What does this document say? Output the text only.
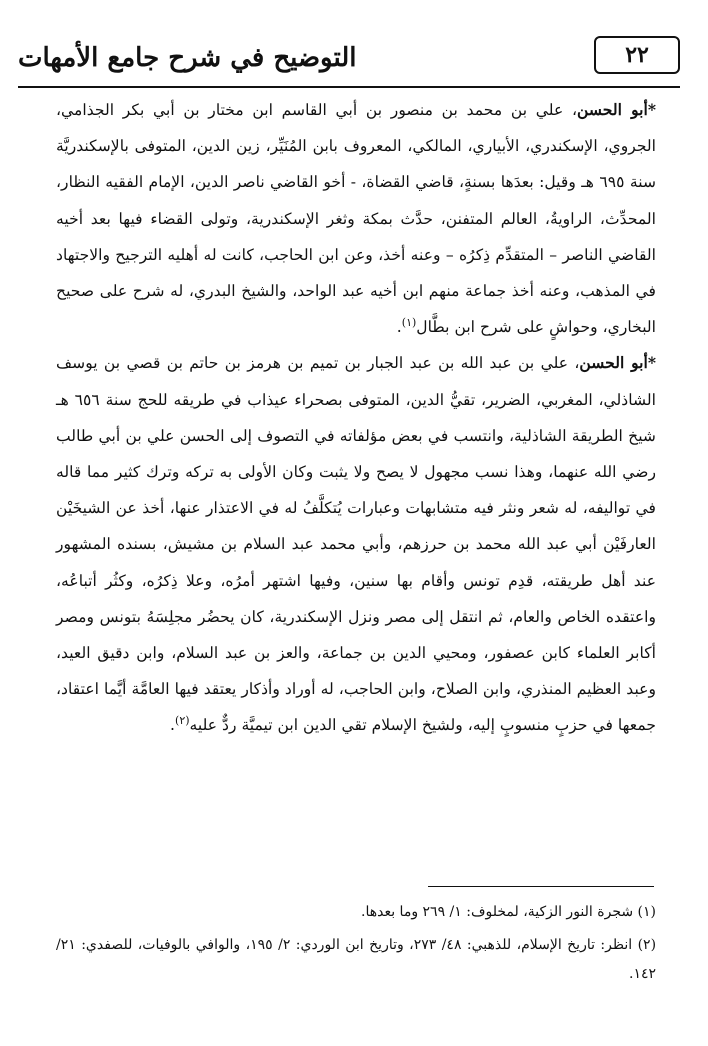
٢٢
التوضيح في شرح جامع الأمهات

*أبو الحسن، علي بن محمد بن منصور بن أبي القاسم ابن مختار بن أبي بكر الجذامي، الجروي، الإسكندري، الأبياري، المالكي، المعروف بابن المُنَيِّر، زين الدين، المتوفى بالإسكندريَّة سنة ٦٩٥ هـ وقيل: بعدَها بسنةٍ، قاضي القضاة، - أخو القاضي ناصر الدين، الإمام الفقيه النظار، المحدِّث، الراويةُ، العالم المتفنن، حدَّث بمكة وثغر الإسكندرية، وتولى القضاء فيها بعد أخيه القاضي الناصر – المتقدِّم ذِكرُه – وعنه أخذ، وعن ابن الحاجب، كانت له أهليه الترجيح والاجتهاد في المذهب، وعنه أخذ جماعة منهم ابن أخيه عبد الواحد، والشيخ البدري، له شرح على صحيح البخاري، وحواشٍ على شرح ابن بطَّال$^{(١)}$.

*أبو الحسن، علي بن عبد الله بن عبد الجبار بن تميم بن هرمز بن حاتم بن قصي بن يوسف الشاذلي، المغربي، الضرير، تقيُّ الدين، المتوفى بصحراء عيذاب في طريقه للحج سنة ٦٥٦ هـ شيخ الطريقة الشاذلية، وانتسب في بعض مؤلفاته في التصوف إلى الحسن علي بن أبي طالب رضي الله عنهما، وهذا نسب مجهول لا يصح ولا يثبت وكان الأولى به تركه وترك كثير مما قاله في تواليفه، له شعر ونثر فيه متشابهات وعبارات يُتكلَّفُ له في الاعتذار عنها، أخذ عن الشيخَيْن العارفَيْن أبي عبد الله محمد بن حرزهم، وأبي محمد عبد السلام بن مشيش، بسنده المشهور عند أهل طريقته، قدِم تونس وأقام بها سنين، وفيها اشتهر أمرُه، وعلا ذِكرُه، وكثُر أتباعُه، واعتقده الخاص والعام، ثم انتقل إلى مصر ونزل الإسكندرية، كان يحضُر مجلِسَهُ بتونس ومصر أكابر العلماء كابن عصفور، ومحيي الدين بن جماعة، والعز بن عبد السلام، وابن دقيق العيد، وعبد العظيم المنذري، وابن الصلاح، وابن الحاجب، له أوراد وأذكار يعتقد فيها العامَّة أيَّما اعتقاد، جمعها في حزبٍ منسوبٍ إليه، ولشيخ الإسلام تقي الدين ابن تيميَّة ردٌّ عليه$^{(٢)}$.

(١) شجرة النور الزكية، لمخلوف: ١/ ٢٦٩ وما بعدها.

(٢) انظر: تاريخ الإسلام، للذهبي: ٤٨/ ٢٧٣، وتاريخ ابن الوردي: ٢/ ١٩٥، والوافي بالوفيات، للصفدي: ٢١/ ١٤٢.
